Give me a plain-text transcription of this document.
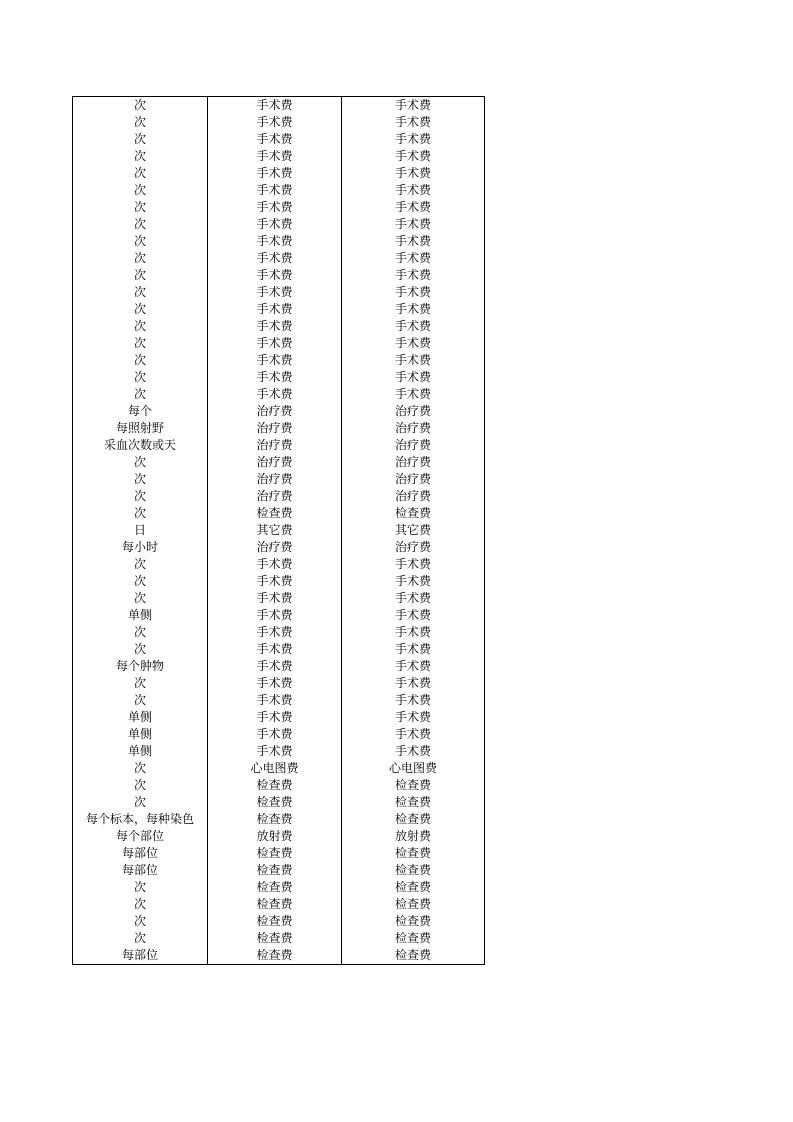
次	手术费	手术费
次	手术费	手术费
次	手术费	手术费
次	手术费	手术费
次	手术费	手术费
次	手术费	手术费
次	手术费	手术费
次	手术费	手术费
次	手术费	手术费
次	手术费	手术费
次	手术费	手术费
次	手术费	手术费
次	手术费	手术费
次	手术费	手术费
次	手术费	手术费
次	手术费	手术费
次	手术费	手术费
次	手术费	手术费
每个	治疗费	治疗费
每照射野	治疗费	治疗费
采血次数或天	治疗费	治疗费
次	治疗费	治疗费
次	治疗费	治疗费
次	治疗费	治疗费
次	检查费	检查费
日	其它费	其它费
每小时	治疗费	治疗费
次	手术费	手术费
次	手术费	手术费
次	手术费	手术费
单侧	手术费	手术费
次	手术费	手术费
次	手术费	手术费
每个肿物	手术费	手术费
次	手术费	手术费
次	手术费	手术费
单侧	手术费	手术费
单侧	手术费	手术费
单侧	手术费	手术费
次	心电图费	心电图费
次	检查费	检查费
次	检查费	检查费
每个标本，每种染色	检查费	检查费
每个部位	放射费	放射费
每部位	检查费	检查费
每部位	检查费	检查费
次	检查费	检查费
次	检查费	检查费
次	检查费	检查费
次	检查费	检查费
每部位	检查费	检查费
